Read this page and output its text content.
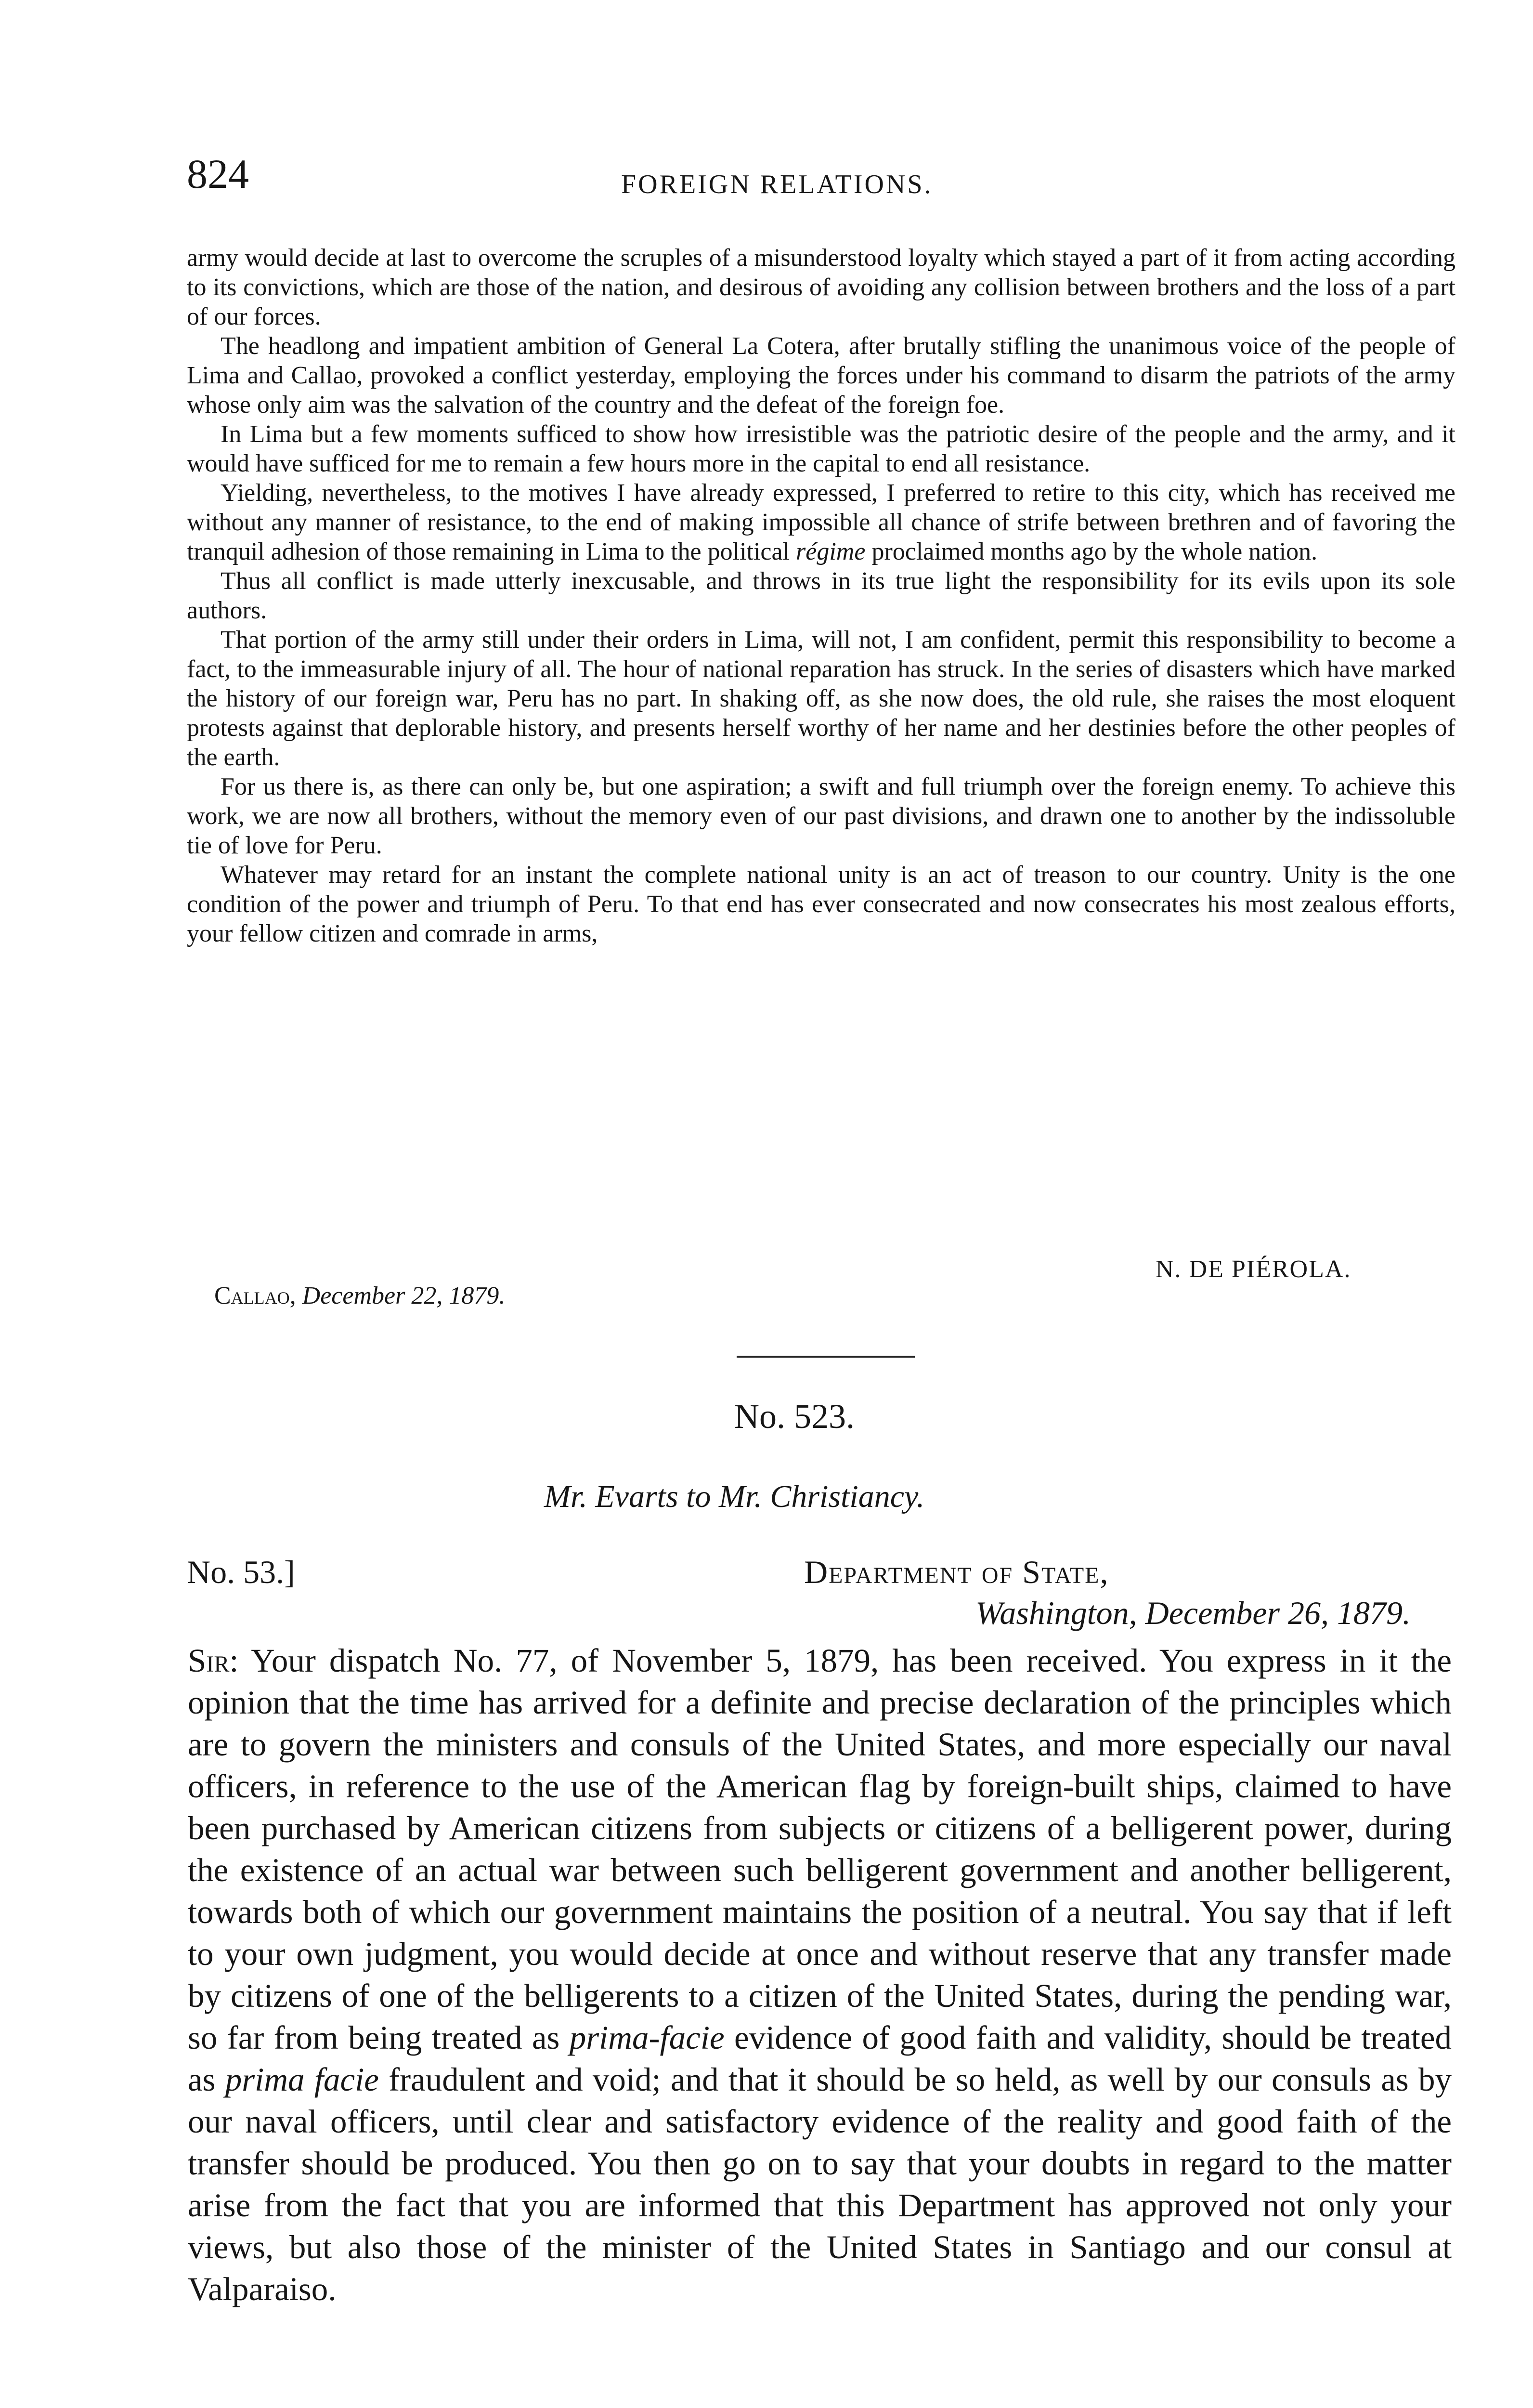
824	FOREIGN RELATIONS.

army would decide at last to overcome the scruples of a misunderstood loyalty which stayed a part of it from acting according to its convictions, which are those of the nation, and desirous of avoiding any collision between brothers and the loss of a part of our forces.

The headlong and impatient ambition of General La Cotera, after brutally stifling the unanimous voice of the people of Lima and Callao, provoked a conflict yesterday, employing the forces under his command to disarm the patriots of the army whose only aim was the salvation of the country and the defeat of the foreign foe.

In Lima but a few moments sufficed to show how irresistible was the patriotic desire of the people and the army, and it would have sufficed for me to remain a few hours more in the capital to end all resistance.

Yielding, nevertheless, to the motives I have already expressed, I preferred to retire to this city, which has received me without any manner of resistance, to the end of making impossible all chance of strife between brethren and of favoring the tranquil adhesion of those remaining in Lima to the political régime proclaimed months ago by the whole nation.

Thus all conflict is made utterly inexcusable, and throws in its true light the responsibility for its evils upon its sole authors.

That portion of the army still under their orders in Lima, will not, I am confident, permit this responsibility to become a fact, to the immeasurable injury of all. The hour of national reparation has struck. In the series of disasters which have marked the history of our foreign war, Peru has no part. In shaking off, as she now does, the old rule, she raises the most eloquent protests against that deplorable history, and presents herself worthy of her name and her destinies before the other peoples of the earth.

For us there is, as there can only be, but one aspiration; a swift and full triumph over the foreign enemy. To achieve this work, we are now all brothers, without the memory even of our past divisions, and drawn one to another by the indissoluble tie of love for Peru.

Whatever may retard for an instant the complete national unity is an act of treason to our country. Unity is the one condition of the power and triumph of Peru. To that end has ever consecrated and now consecrates his most zealous efforts, your fellow citizen and comrade in arms,

N. DE PIÉROLA.
Callao, December 22, 1879.
No. 523.
Mr. Evarts to Mr. Christiancy.
No. 53.]	Department of State,
Washington, December 26, 1879.

Sir: Your dispatch No. 77, of November 5, 1879, has been received. You express in it the opinion that the time has arrived for a definite and precise declaration of the principles which are to govern the ministers and consuls of the United States, and more especially our naval officers, in reference to the use of the American flag by foreign-built ships, claimed to have been purchased by American citizens from subjects or citizens of a belligerent power, during the existence of an actual war between such belligerent government and another belligerent, towards both of which our government maintains the position of a neutral. You say that if left to your own judgment, you would decide at once and without reserve that any transfer made by citizens of one of the belligerents to a citizen of the United States, during the pending war, so far from being treated as prima-facie evidence of good faith and validity, should be treated as prima facie fraudulent and void; and that it should be so held, as well by our consuls as by our naval officers, until clear and satisfactory evidence of the reality and good faith of the transfer should be produced. You then go on to say that your doubts in regard to the matter arise from the fact that you are informed that this Department has approved not only your views, but also those of the minister of the United States in Santiago and our consul at Valparaiso.
